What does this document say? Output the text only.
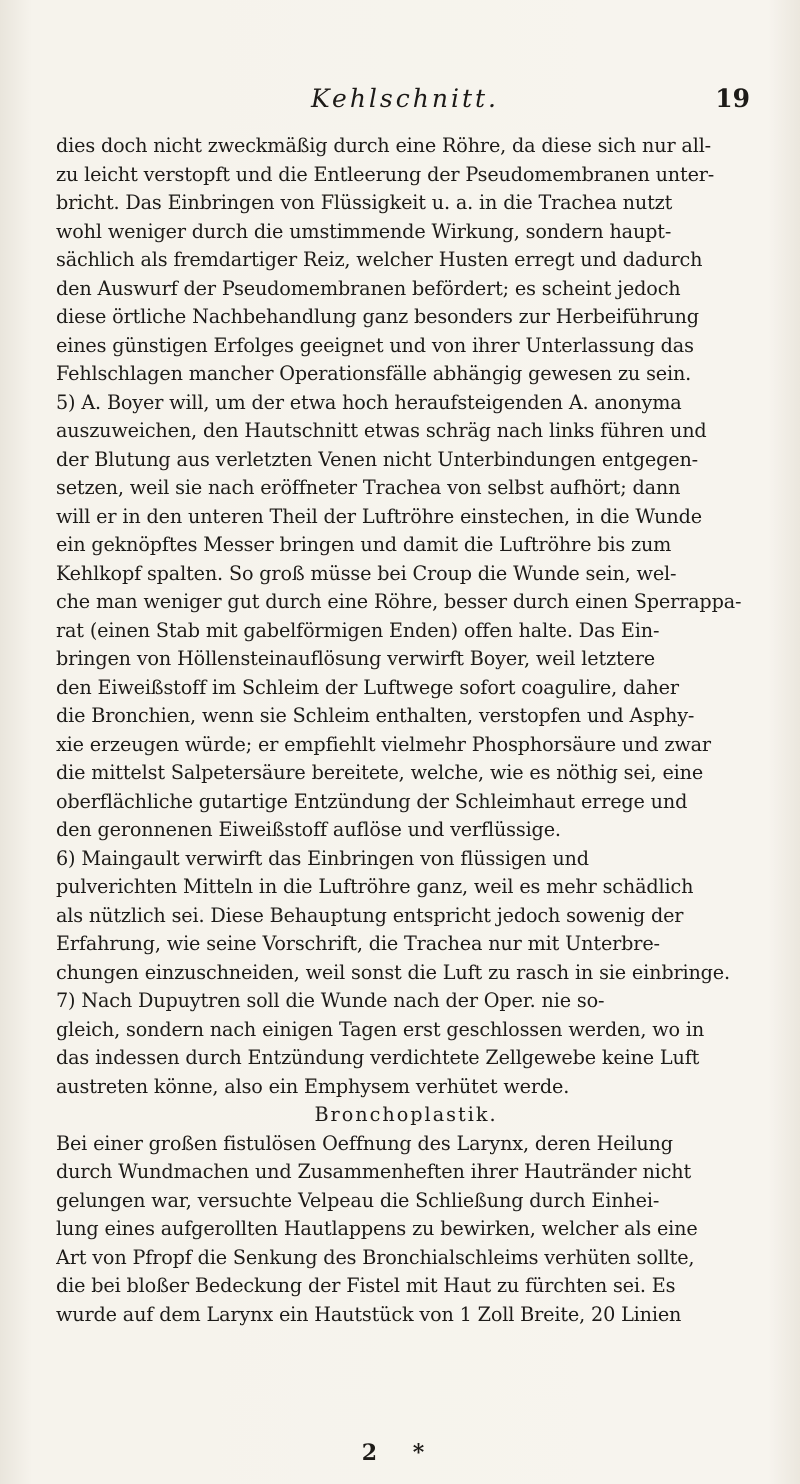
Kehlschnitt.	19
dies doch nicht zweckmäßig durch eine Röhre, da diese sich nur all-
zu leicht verstopft und die Entleerung der Pseudomembranen unter-
bricht. Das Einbringen von Flüssigkeit u. a. in die Trachea nutzt
wohl weniger durch die umstimmende Wirkung, sondern haupt-
sächlich als fremdartiger Reiz, welcher Husten erregt und dadurch
den Auswurf der Pseudomembranen befördert; es scheint jedoch
diese örtliche Nachbehandlung ganz besonders zur Herbeiführung
eines günstigen Erfolges geeignet und von ihrer Unterlassung das
Fehlschlagen mancher Operationsfälle abhängig gewesen zu sein.
5) A. Boyer will, um der etwa hoch heraufsteigenden A. anonyma
auszuweichen, den Hautschnitt etwas schräg nach links führen und
der Blutung aus verletzten Venen nicht Unterbindungen entgegen-
setzen, weil sie nach eröffneter Trachea von selbst aufhört; dann
will er in den unteren Theil der Luftröhre einstechen, in die Wunde
ein geknöpftes Messer bringen und damit die Luftröhre bis zum
Kehlkopf spalten. So groß müsse bei Croup die Wunde sein, wel-
che man weniger gut durch eine Röhre, besser durch einen Sperrappa-
rat (einen Stab mit gabelförmigen Enden) offen halte. Das Ein-
bringen von Höllensteinauflösung verwirft Boyer, weil letztere
den Eiweißstoff im Schleim der Luftwege sofort coagulire, daher
die Bronchien, wenn sie Schleim enthalten, verstopfen und Asphy-
xie erzeugen würde; er empfiehlt vielmehr Phosphorsäure und zwar
die mittelst Salpetersäure bereitete, welche, wie es nöthig sei, eine
oberflächliche gutartige Entzündung der Schleimhaut errege und
den geronnenen Eiweißstoff auflöse und verflüssige.
6) Maingault verwirft das Einbringen von flüssigen und
pulverichten Mitteln in die Luftröhre ganz, weil es mehr schädlich
als nützlich sei. Diese Behauptung entspricht jedoch sowenig der
Erfahrung, wie seine Vorschrift, die Trachea nur mit Unterbre-
chungen einzuschneiden, weil sonst die Luft zu rasch in sie einbringe.
7) Nach Dupuytren soll die Wunde nach der Oper. nie so-
gleich, sondern nach einigen Tagen erst geschlossen werden, wo in
das indessen durch Entzündung verdichtete Zellgewebe keine Luft
austreten könne, also ein Emphysem verhütet werde.
Bronchoplastik.
Bei einer großen fistulösen Oeffnung des Larynx, deren Heilung
durch Wundmachen und Zusammenheften ihrer Hautränder nicht
gelungen war, versuchte Velpeau die Schließung durch Einhei-
lung eines aufgerollten Hautlappens zu bewirken, welcher als eine
Art von Pfropf die Senkung des Bronchialschleims verhüten sollte,
die bei bloßer Bedeckung der Fistel mit Haut zu fürchten sei. Es
wurde auf dem Larynx ein Hautstück von 1 Zoll Breite, 20 Linien
2 *
